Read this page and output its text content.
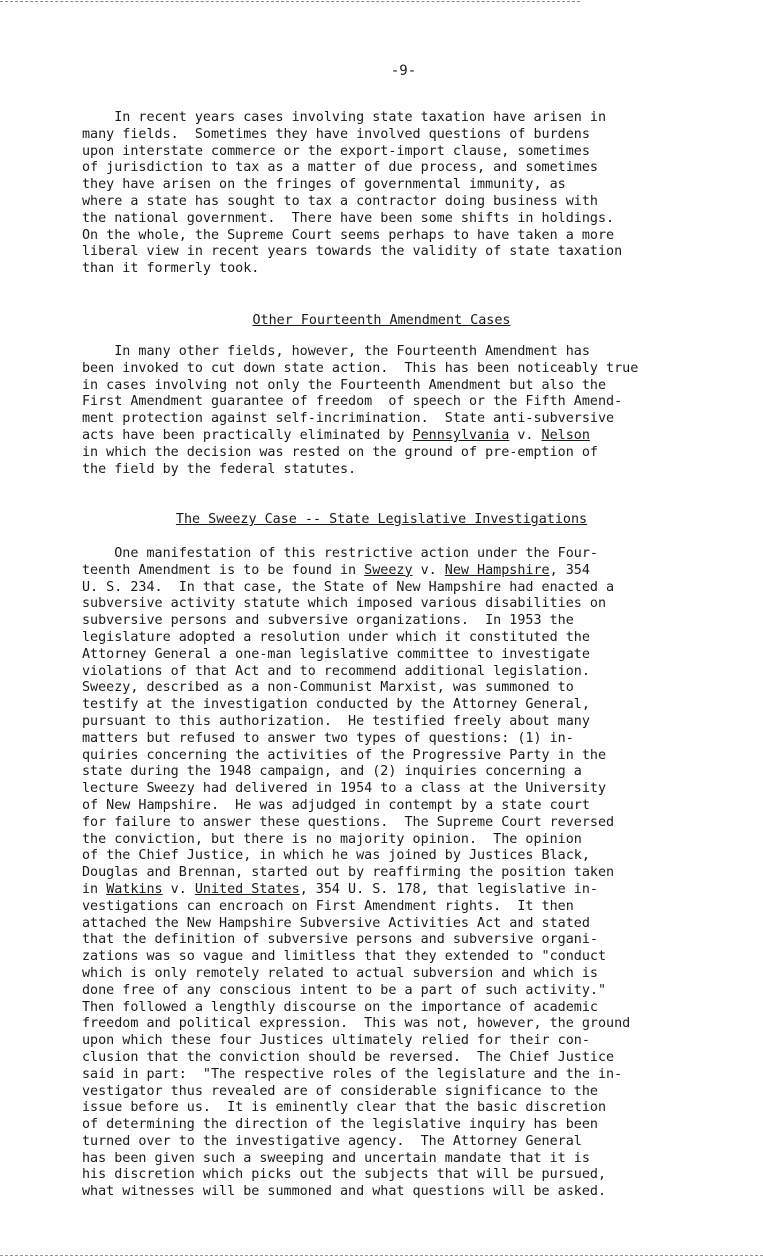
-9-
In recent years cases involving state taxation have arisen in
many fields.  Sometimes they have involved questions of burdens
upon interstate commerce or the export-import clause, sometimes
of jurisdiction to tax as a matter of due process, and sometimes
they have arisen on the fringes of governmental immunity, as
where a state has sought to tax a contractor doing business with
the national government.  There have been some shifts in holdings.
On the whole, the Supreme Court seems perhaps to have taken a more
liberal view in recent years towards the validity of state taxation
than it formerly took.
Other Fourteenth Amendment Cases
In many other fields, however, the Fourteenth Amendment has
been invoked to cut down state action.  This has been noticeably true
in cases involving not only the Fourteenth Amendment but also the
First Amendment guarantee of freedom  of speech or the Fifth Amend-
ment protection against self-incrimination.  State anti-subversive
acts have been practically eliminated by Pennsylvania v. Nelson
in which the decision was rested on the ground of pre-emption of
the field by the federal statutes.
The Sweezy Case -- State Legislative Investigations
One manifestation of this restrictive action under the Four-
teenth Amendment is to be found in Sweezy v. New Hampshire, 354
U. S. 234.  In that case, the State of New Hampshire had enacted a
subversive activity statute which imposed various disabilities on
subversive persons and subversive organizations.  In 1953 the
legislature adopted a resolution under which it constituted the
Attorney General a one-man legislative committee to investigate
violations of that Act and to recommend additional legislation.
Sweezy, described as a non-Communist Marxist, was summoned to
testify at the investigation conducted by the Attorney General,
pursuant to this authorization.  He testified freely about many
matters but refused to answer two types of questions: (1) in-
quiries concerning the activities of the Progressive Party in the
state during the 1948 campaign, and (2) inquiries concerning a
lecture Sweezy had delivered in 1954 to a class at the University
of New Hampshire.  He was adjudged in contempt by a state court
for failure to answer these questions.  The Supreme Court reversed
the conviction, but there is no majority opinion.  The opinion
of the Chief Justice, in which he was joined by Justices Black,
Douglas and Brennan, started out by reaffirming the position taken
in Watkins v. United States, 354 U. S. 178, that legislative in-
vestigations can encroach on First Amendment rights.  It then
attached the New Hampshire Subversive Activities Act and stated
that the definition of subversive persons and subversive organi-
zations was so vague and limitless that they extended to "conduct
which is only remotely related to actual subversion and which is
done free of any conscious intent to be a part of such activity."
Then followed a lengthly discourse on the importance of academic
freedom and political expression.  This was not, however, the ground
upon which these four Justices ultimately relied for their con-
clusion that the conviction should be reversed.  The Chief Justice
said in part:  "The respective roles of the legislature and the in-
vestigator thus revealed are of considerable significance to the
issue before us.  It is eminently clear that the basic discretion
of determining the direction of the legislative inquiry has been
turned over to the investigative agency.  The Attorney General
has been given such a sweeping and uncertain mandate that it is
his discretion which picks out the subjects that will be pursued,
what witnesses will be summoned and what questions will be asked.
